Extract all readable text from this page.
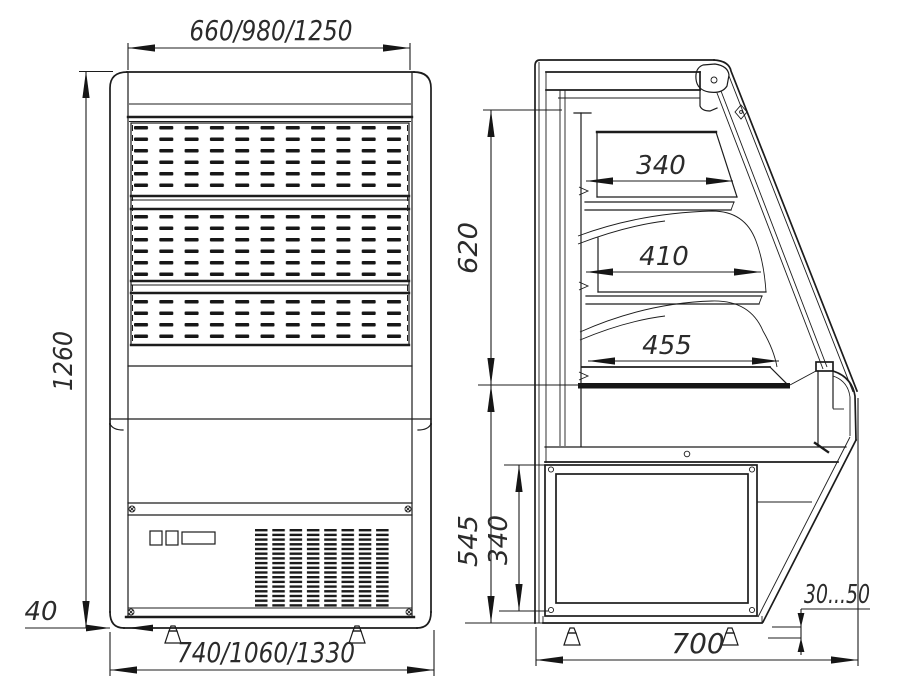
660/980/1250
1260
40
740/1060/1330
620
545 340
340
410
455
700
30...50
